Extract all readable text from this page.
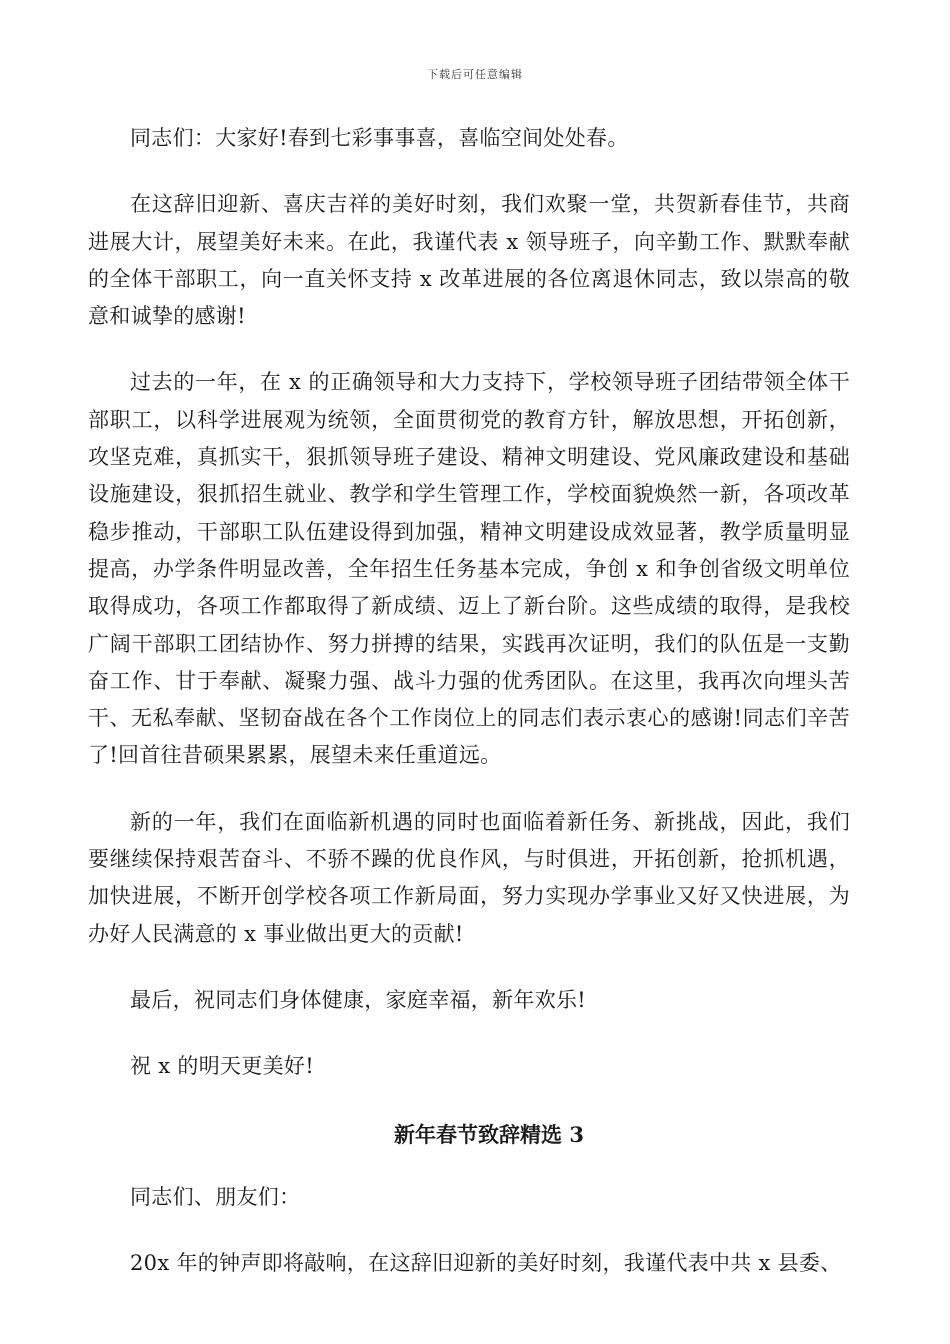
下载后可任意编辑

同志们：大家好!春到七彩事事喜，喜临空间处处春。

在这辞旧迎新、喜庆吉祥的美好时刻，我们欢聚一堂，共贺新春佳节，共商进展大计，展望美好未来。在此，我谨代表 x 领导班子，向辛勤工作、默默奉献的全体干部职工，向一直关怀支持 x 改革进展的各位离退休同志，致以崇高的敬意和诚挚的感谢!

过去的一年，在 x 的正确领导和大力支持下，学校领导班子团结带领全体干部职工，以科学进展观为统领，全面贯彻党的教育方针，解放思想，开拓创新，攻坚克难，真抓实干，狠抓领导班子建设、精神文明建设、党风廉政建设和基础设施建设，狠抓招生就业、教学和学生管理工作，学校面貌焕然一新，各项改革稳步推动，干部职工队伍建设得到加强，精神文明建设成效显著，教学质量明显提高，办学条件明显改善，全年招生任务基本完成，争创 x 和争创省级文明单位取得成功，各项工作都取得了新成绩、迈上了新台阶。这些成绩的取得，是我校广阔干部职工团结协作、努力拼搏的结果，实践再次证明，我们的队伍是一支勤奋工作、甘于奉献、凝聚力强、战斗力强的优秀团队。在这里，我再次向埋头苦干、无私奉献、坚韧奋战在各个工作岗位上的同志们表示衷心的感谢!同志们辛苦了!回首往昔硕果累累，展望未来任重道远。

新的一年，我们在面临新机遇的同时也面临着新任务、新挑战，因此，我们要继续保持艰苦奋斗、不骄不躁的优良作风，与时俱进，开拓创新，抢抓机遇，加快进展，不断开创学校各项工作新局面，努力实现办学事业又好又快进展，为办好人民满意的 x 事业做出更大的贡献!

最后，祝同志们身体健康，家庭幸福，新年欢乐!

祝 x 的明天更美好!

新年春节致辞精选 3

同志们、朋友们：

20x 年的钟声即将敲响，在这辞旧迎新的美好时刻，我谨代表中共 x 县委、
